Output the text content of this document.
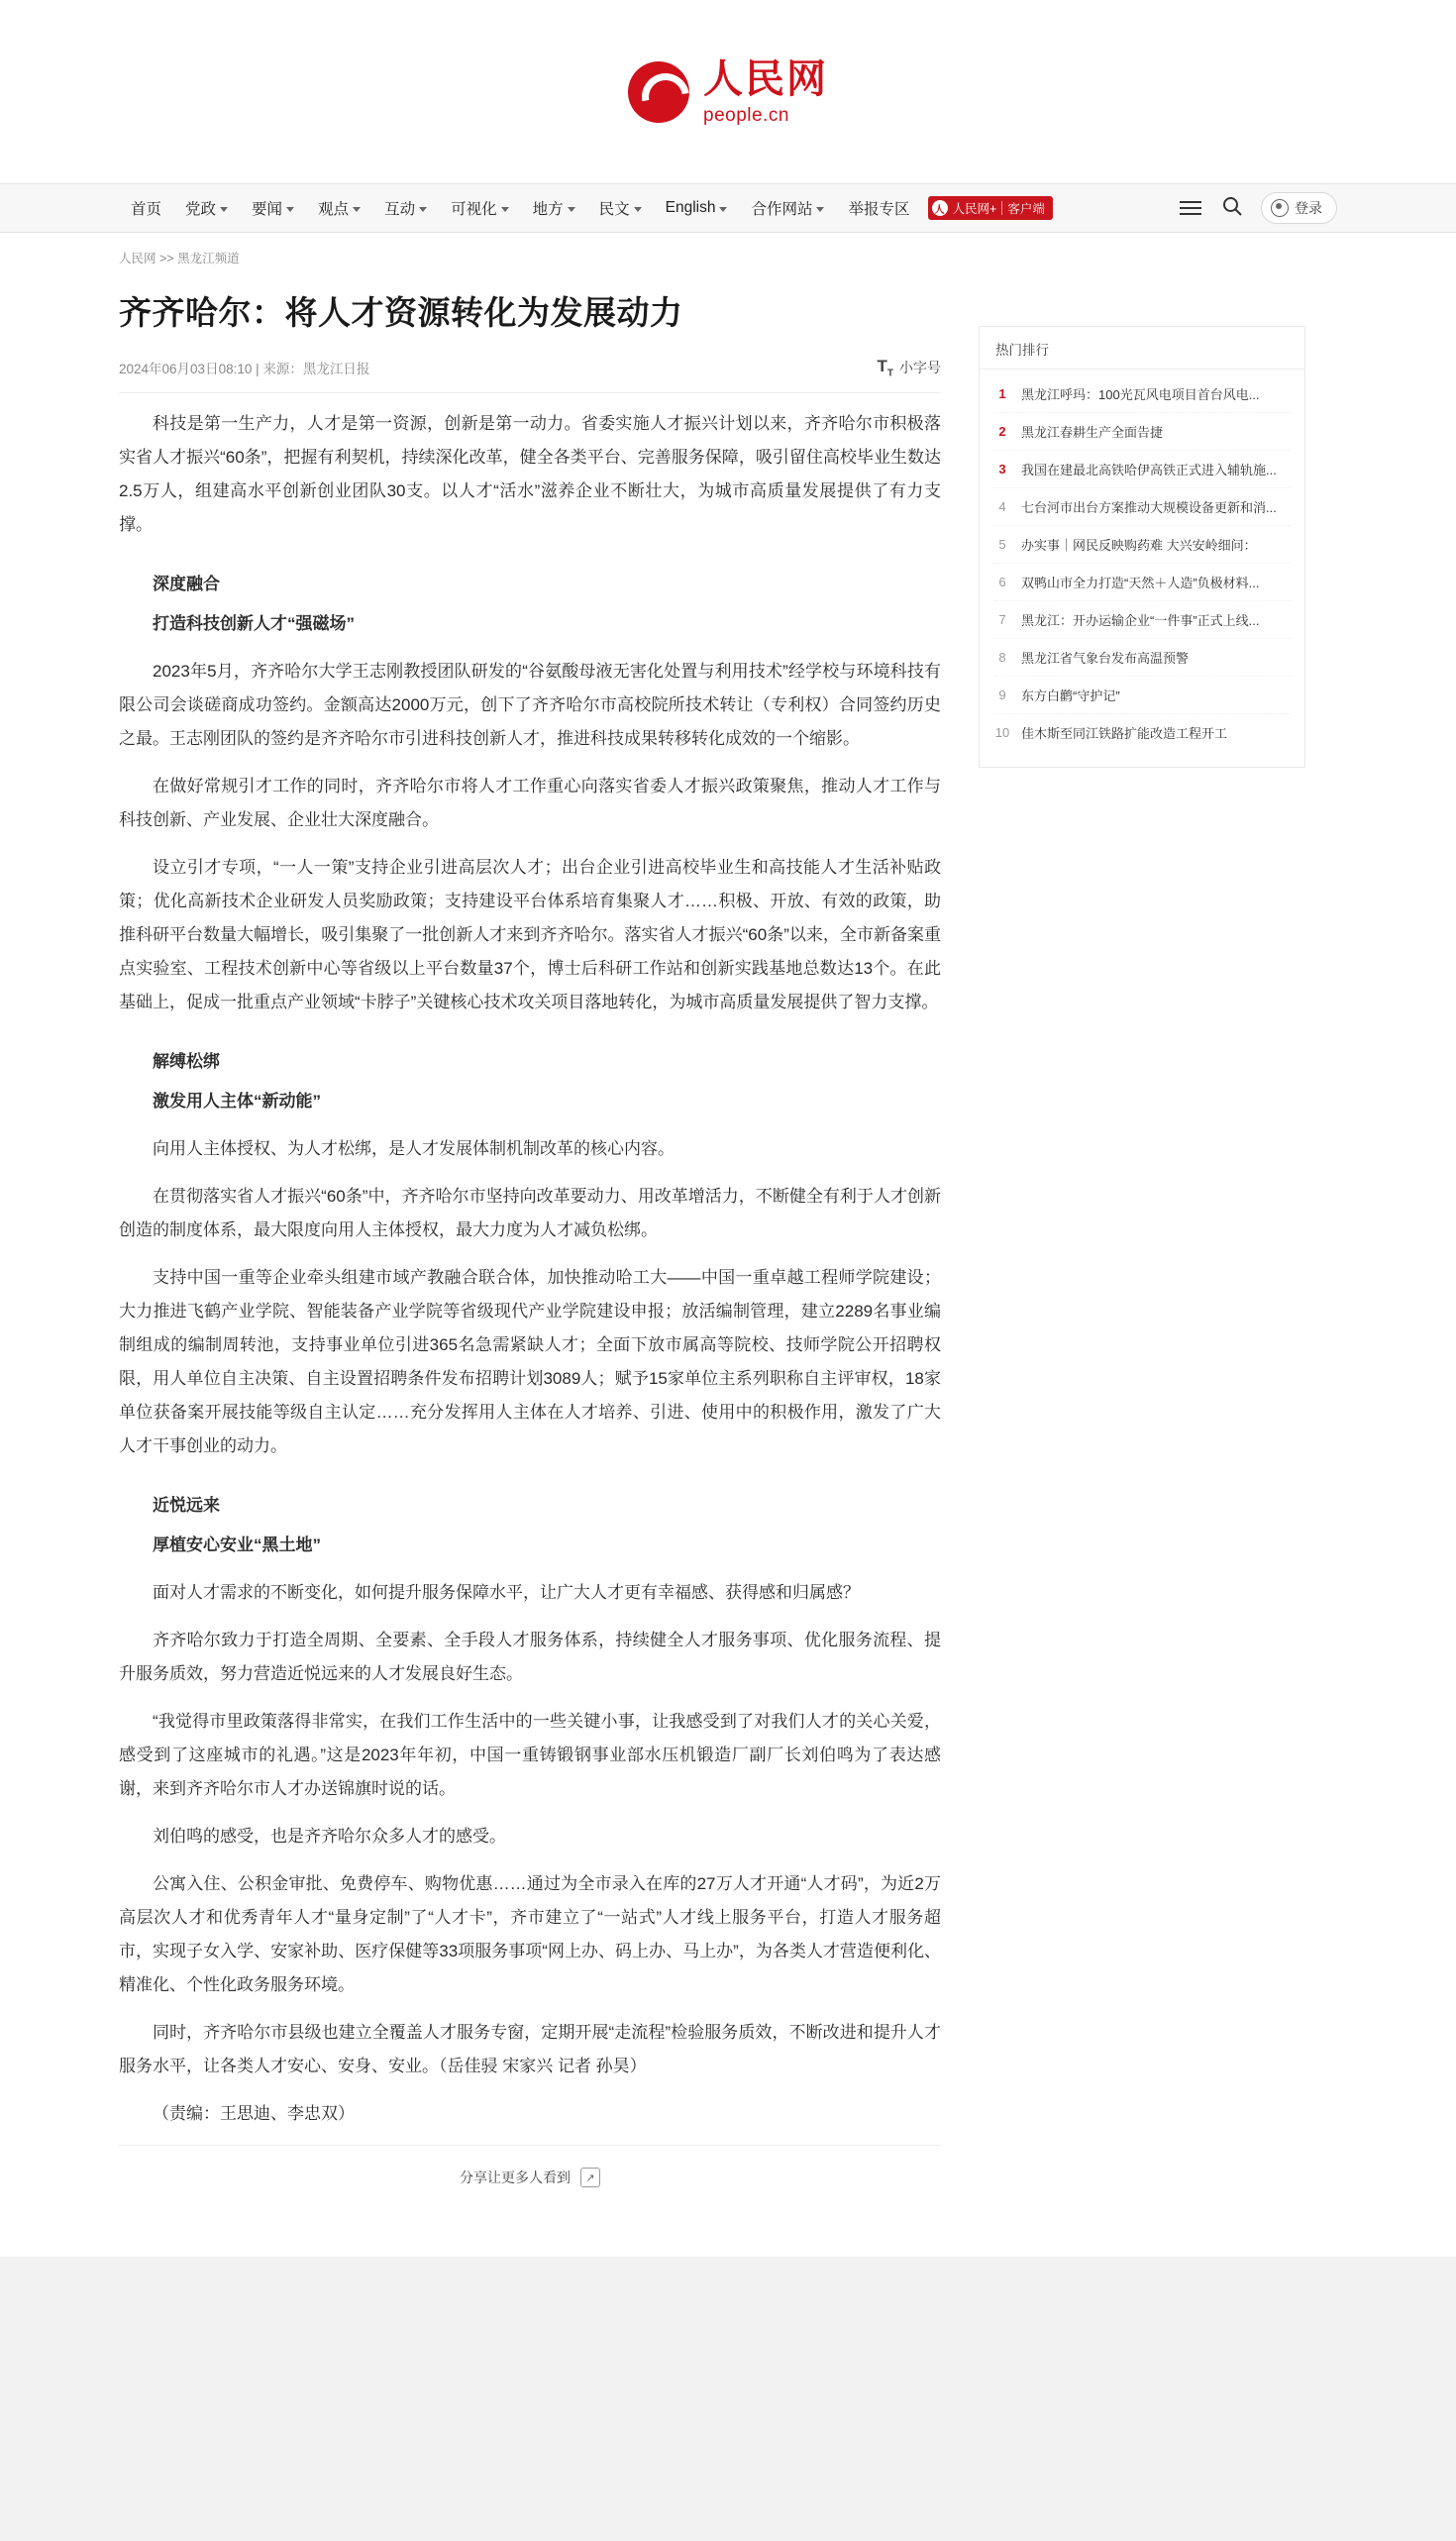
人民网
people.cn
首页 党政 要闻 观点 互动 可视化 地方 民文 English 合作网站 举报专区	人 人民网+ 客户端	登录
人民网 >> 黑龙江频道
齐齐哈尔：将人才资源转化为发展动力
2024年06月03日08:10 | 来源：黑龙江日报	$T_T$ 小字号

科技是第一生产力，人才是第一资源，创新是第一动力。省委实施人才振兴计划以来，齐齐哈尔市积极落实省人才振兴“60条”，把握有利契机，持续深化改革，健全各类平台、完善服务保障，吸引留住高校毕业生数达2.5万人，组建高水平创新创业团队30支。以人才“活水”滋养企业不断壮大，为城市高质量发展提供了有力支撑。

深度融合

打造科技创新人才“强磁场”

2023年5月，齐齐哈尔大学王志刚教授团队研发的“谷氨酸母液无害化处置与利用技术”经学校与环境科技有限公司会谈磋商成功签约。金额高达2000万元，创下了齐齐哈尔市高校院所技术转让（专利权）合同签约历史之最。王志刚团队的签约是齐齐哈尔市引进科技创新人才，推进科技成果转移转化成效的一个缩影。

在做好常规引才工作的同时，齐齐哈尔市将人才工作重心向落实省委人才振兴政策聚焦，推动人才工作与科技创新、产业发展、企业壮大深度融合。

设立引才专项，“一人一策”支持企业引进高层次人才；出台企业引进高校毕业生和高技能人才生活补贴政策；优化高新技术企业研发人员奖励政策；支持建设平台体系培育集聚人才……积极、开放、有效的政策，助推科研平台数量大幅增长，吸引集聚了一批创新人才来到齐齐哈尔。落实省人才振兴“60条”以来，全市新备案重点实验室、工程技术创新中心等省级以上平台数量37个，博士后科研工作站和创新实践基地总数达13个。在此基础上，促成一批重点产业领域“卡脖子”关键核心技术攻关项目落地转化，为城市高质量发展提供了智力支撑。

解缚松绑

激发用人主体“新动能”

向用人主体授权、为人才松绑，是人才发展体制机制改革的核心内容。

在贯彻落实省人才振兴“60条”中，齐齐哈尔市坚持向改革要动力、用改革增活力，不断健全有利于人才创新创造的制度体系，最大限度向用人主体授权，最大力度为人才减负松绑。

支持中国一重等企业牵头组建市域产教融合联合体，加快推动哈工大——中国一重卓越工程师学院建设；大力推进飞鹤产业学院、智能装备产业学院等省级现代产业学院建设申报；放活编制管理，建立2289名事业编制组成的编制周转池，支持事业单位引进365名急需紧缺人才；全面下放市属高等院校、技师学院公开招聘权限，用人单位自主决策、自主设置招聘条件发布招聘计划3089人；赋予15家单位主系列职称自主评审权，18家单位获备案开展技能等级自主认定……充分发挥用人主体在人才培养、引进、使用中的积极作用，激发了广大人才干事创业的动力。

近悦远来

厚植安心安业“黑土地”

面对人才需求的不断变化，如何提升服务保障水平，让广大人才更有幸福感、获得感和归属感？

齐齐哈尔致力于打造全周期、全要素、全手段人才服务体系，持续健全人才服务事项、优化服务流程、提升服务质效，努力营造近悦远来的人才发展良好生态。

“我觉得市里政策落得非常实，在我们工作生活中的一些关键小事，让我感受到了对我们人才的关心关爱，感受到了这座城市的礼遇。”这是2023年年初，中国一重铸锻钢事业部水压机锻造厂副厂长刘伯鸣为了表达感谢，来到齐齐哈尔市人才办送锦旗时说的话。

刘伯鸣的感受，也是齐齐哈尔众多人才的感受。

公寓入住、公积金审批、免费停车、购物优惠……通过为全市录入在库的27万人才开通“人才码”，为近2万高层次人才和优秀青年人才“量身定制”了“人才卡”，齐市建立了“一站式”人才线上服务平台，打造人才服务超市，实现子女入学、安家补助、医疗保健等33项服务事项“网上办、码上办、马上办”，为各类人才营造便利化、精准化、个性化政务服务环境。

同时，齐齐哈尔市县级也建立全覆盖人才服务专窗，定期开展“走流程”检验服务质效，不断改进和提升人才服务水平，让各类人才安心、安身、安业。（岳佳骎 宋家兴 记者 孙昊）

（责编：王思迪、李忠双）

分享让更多人看到	↗
热门排行
1	黑龙江呼玛：100光瓦风电项目首台风电...
2	黑龙江春耕生产全面告捷
3	我国在建最北高铁哈伊高铁正式进入辅轨施...
4	七台河市出台方案推动大规模设备更新和消...
5	办实事｜网民反映购药难 大兴安岭细问：
6	双鸭山市全力打造“天然＋人造”负极材料...
7	黑龙江：开办运输企业“一件事”正式上线...
8	黑龙江省气象台发布高温预警
9	东方白鹳“守护记”
10 佳木斯至同江铁路扩能改造工程开工
